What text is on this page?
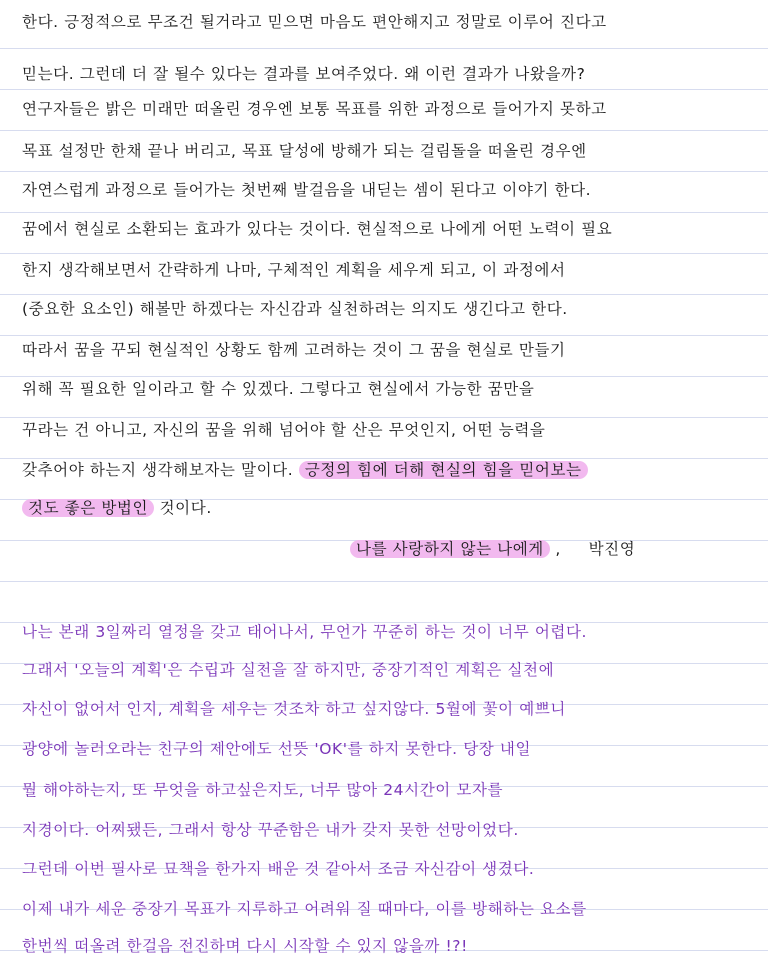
한다. 긍정적으로 무조건 될거라고 믿으면 마음도 편안해지고 정말로 이루어 진다고
믿는다. 그런데 더 잘 될수 있다는 결과를 보여주었다. 왜 이런 결과가 나왔을까?
연구자들은 밝은 미래만 떠올린 경우엔 보통 목표를 위한 과정으로 들어가지 못하고
목표 설정만 한채 끝나 버리고, 목표 달성에 방해가 되는 걸림돌을 떠올린 경우엔
자연스럽게 과정으로 들어가는 첫번째 발걸음을 내딛는 셈이 된다고 이야기 한다.
꿈에서 현실로 소환되는 효과가 있다는 것이다. 현실적으로 나에게 어떤 노력이 필요
한지 생각해보면서 간략하게 나마, 구체적인 계획을 세우게 되고, 이 과정에서
(중요한 요소인) 해볼만 하겠다는 자신감과 실천하려는 의지도 생긴다고 한다.
따라서 꿈을 꾸되 현실적인 상황도 함께 고려하는 것이 그 꿈을 현실로 만들기
위해 꼭 필요한 일이라고 할 수 있겠다. 그렇다고 현실에서 가능한 꿈만을
꾸라는 건 아니고, 자신의 꿈을 위해 넘어야 할 산은 무엇인지, 어떤 능력을
갖추어야 하는지 생각해보자는 말이다. 긍정의 힘에 더해 현실의 힘을 믿어보는
것도 좋은 방법인 것이다.
나를 사랑하지 않는 나에게 , 박진영
나는 본래 3일짜리 열정을 갖고 태어나서, 무언가 꾸준히 하는 것이 너무 어렵다.
그래서 '오늘의 계획'은 수립과 실천을 잘 하지만, 중장기적인 계획은 실천에
자신이 없어서 인지, 계획을 세우는 것조차 하고 싶지않다. 5월에 꽃이 예쁘니
광양에 놀러오라는 친구의 제안에도 선뜻 'OK'를 하지 못한다. 당장 내일
뭘 해야하는지, 또 무엇을 하고싶은지도, 너무 많아 24시간이 모자를
지경이다. 어찌됐든, 그래서 항상 꾸준함은 내가 갖지 못한 선망이었다.
그런데 이번 필사로 묘책을 한가지 배운 것 같아서 조금 자신감이 생겼다.
이제 내가 세운 중장기 목표가 지루하고 어려워 질 때마다, 이를 방해하는 요소를
한번씩 떠올려 한걸음 전진하며 다시 시작할 수 있지 않을까 !?!
